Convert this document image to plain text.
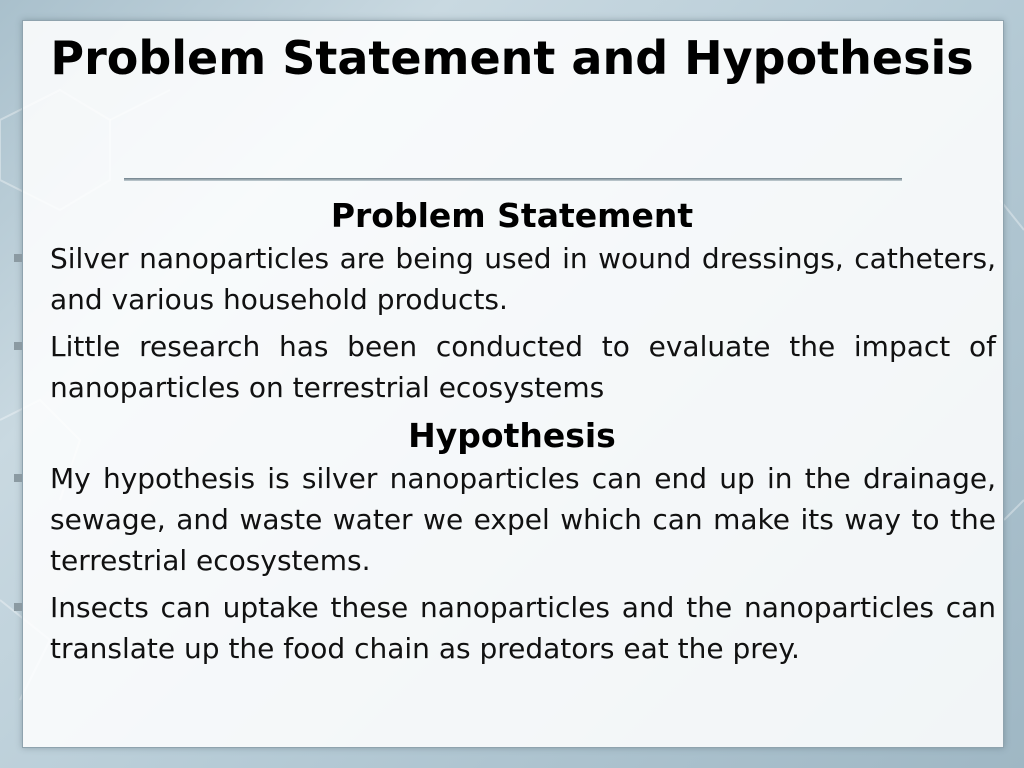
Problem Statement and Hypothesis
Problem Statement
Silver nanoparticles are being used in wound dressings, catheters, and various household products.
Little research has been conducted to evaluate the impact of nanoparticles on terrestrial ecosystems
Hypothesis
My hypothesis is silver nanoparticles can end up in the drainage, sewage, and waste water we expel which can make its way to the terrestrial ecosystems.
Insects can uptake these nanoparticles and the nanoparticles can translate up the food chain as predators eat the prey.
